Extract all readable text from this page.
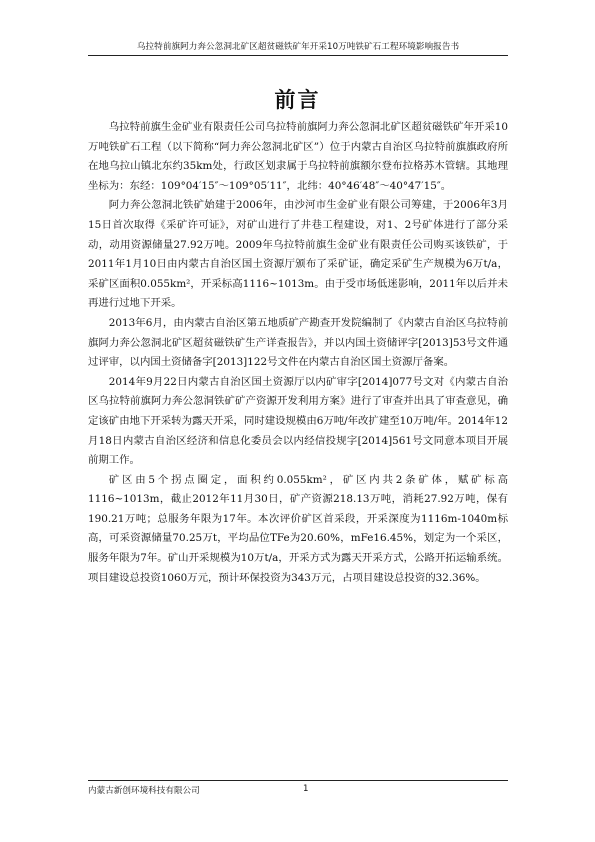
乌拉特前旗阿力奔公忽洞北矿区超贫磁铁矿年开采10万吨铁矿石工程环境影响报告书
前言

乌拉特前旗生金矿业有限责任公司乌拉特前旗阿力奔公忽洞北矿区超贫磁铁矿年开采10万吨铁矿石工程（以下简称“阿力奔公忽洞北矿区”）位于内蒙古自治区乌拉特前旗旗政府所在地乌拉山镇北东约35km处，行政区划隶属于乌拉特前旗额尔登布拉格苏木管辖。其地理坐标为：东经：109°04′15″～109°05′11″，北纬：40°46′48″～40°47′15″。

阿力奔公忽洞北铁矿始建于2006年，由沙河市生金矿业有限公司筹建，于2006年3月15日首次取得《采矿许可证》，对矿山进行了井巷工程建设，对1、2号矿体进行了部分采动，动用资源储量27.92万吨。2009年乌拉特前旗生金矿业有限责任公司购买该铁矿，于2011年1月10日由内蒙古自治区国土资源厅颁布了采矿证，确定采矿生产规模为6万t/a，采矿区面积0.055km²，开采标高1116~1013m。由于受市场低迷影响，2011年以后并未再进行过地下开采。

2013年6月，由内蒙古自治区第五地质矿产勘查开发院编制了《内蒙古自治区乌拉特前旗阿力奔公忽洞北矿区超贫磁铁矿生产详查报告》，并以内国土资储评字[2013]53号文件通过评审，以内国土资储备字[2013]122号文件在内蒙古自治区国土资源厅备案。

2014年9月22日内蒙古自治区国土资源厅以内矿审字[2014]077号文对《内蒙古自治区乌拉特前旗阿力奔公忽洞铁矿矿产资源开发利用方案》进行了审查并出具了审查意见，确定该矿由地下开采转为露天开采，同时建设规模由6万吨/年改扩建至10万吨/年。2014年12月18日内蒙古自治区经济和信息化委员会以内经信投规字[2014]561号文同意本项目开展前期工作。

矿区由5个拐点圈定，面积约0.055km²，矿区内共2条矿体，赋矿标高1116~1013m，截止2012年11月30日，矿产资源218.13万吨，消耗27.92万吨，保有190.21万吨；总服务年限为17年。本次评价矿区首采段，开采深度为1116m-1040m标高，可采资源储量70.25万t，平均品位TFe为20.60%，mFe16.45%，划定为一个采区，服务年限为7年。矿山开采规模为10万t/a，开采方式为露天开采方式，公路开拓运输系统。项目建设总投资1060万元，预计环保投资为343万元，占项目建设总投资的32.36%。

内蒙古新创环境科技有限公司	1
